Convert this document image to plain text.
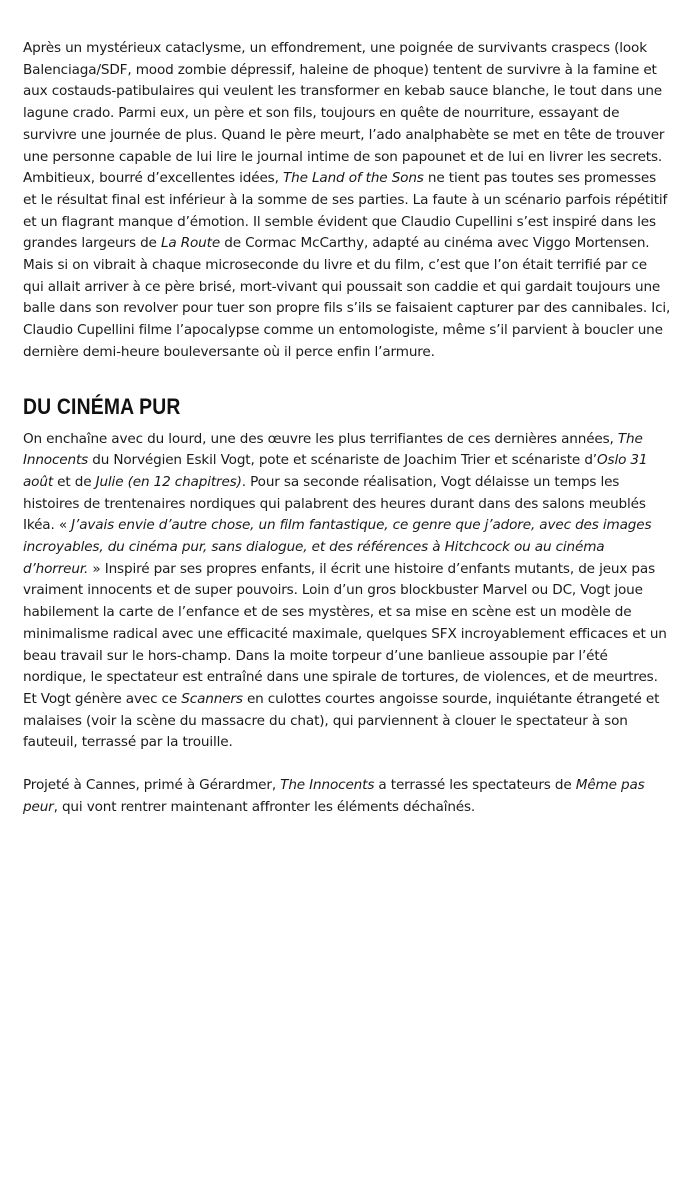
Après un mystérieux cataclysme, un effondrement, une poignée de survivants craspecs (look Balenciaga/SDF, mood zombie dépressif, haleine de phoque) tentent de survivre à la famine et aux costauds-patibulaires qui veulent les transformer en kebab sauce blanche, le tout dans une lagune crado. Parmi eux, un père et son fils, toujours en quête de nourriture, essayant de survivre une journée de plus. Quand le père meurt, l’ado analphabète se met en tête de trouver une personne capable de lui lire le journal intime de son papounet et de lui en livrer les secrets. Ambitieux, bourré d’excellentes idées, The Land of the Sons ne tient pas toutes ses promesses et le résultat final est inférieur à la somme de ses parties. La faute à un scénario parfois répétitif et un flagrant manque d’émotion. Il semble évident que Claudio Cupellini s’est inspiré dans les grandes largeurs de La Route de Cormac McCarthy, adapté au cinéma avec Viggo Mortensen. Mais si on vibrait à chaque microseconde du livre et du film, c’est que l’on était terrifié par ce qui allait arriver à ce père brisé, mort-vivant qui poussait son caddie et qui gardait toujours une balle dans son revolver pour tuer son propre fils s’ils se faisaient capturer par des cannibales. Ici, Claudio Cupellini filme l’apocalypse comme un entomologiste, même s’il parvient à boucler une dernière demi-heure bouleversante où il perce enfin l’armure.

DU CINÉMA PUR

On enchaîne avec du lourd, une des œuvre les plus terrifiantes de ces dernières années, The Innocents du Norvégien Eskil Vogt, pote et scénariste de Joachim Trier et scénariste d’Oslo 31 août et de Julie (en 12 chapitres). Pour sa seconde réalisation, Vogt délaisse un temps les histoires de trentenaires nordiques qui palabrent des heures durant dans des salons meublés Ikéa. « J’avais envie d’autre chose, un film fantastique, ce genre que j’adore, avec des images incroyables, du cinéma pur, sans dialogue, et des références à Hitchcock ou au cinéma d’horreur. » Inspiré par ses propres enfants, il écrit une histoire d’enfants mutants, de jeux pas vraiment innocents et de super pouvoirs. Loin d’un gros blockbuster Marvel ou DC, Vogt joue habilement la carte de l’enfance et de ses mystères, et sa mise en scène est un modèle de minimalisme radical avec une efficacité maximale, quelques SFX incroyablement efficaces et un beau travail sur le hors-champ. Dans la moite torpeur d’une banlieue assoupie par l’été nordique, le spectateur est entraîné dans une spirale de tortures, de violences, et de meurtres. Et Vogt génère avec ce Scanners en culottes courtes angoisse sourde, inquiétante étrangeté et malaises (voir la scène du massacre du chat), qui parviennent à clouer le spectateur à son fauteuil, terrassé par la trouille.

Projeté à Cannes, primé à Gérardmer, The Innocents a terrassé les spectateurs de Même pas peur, qui vont rentrer maintenant affronter les éléments déchaînés.
